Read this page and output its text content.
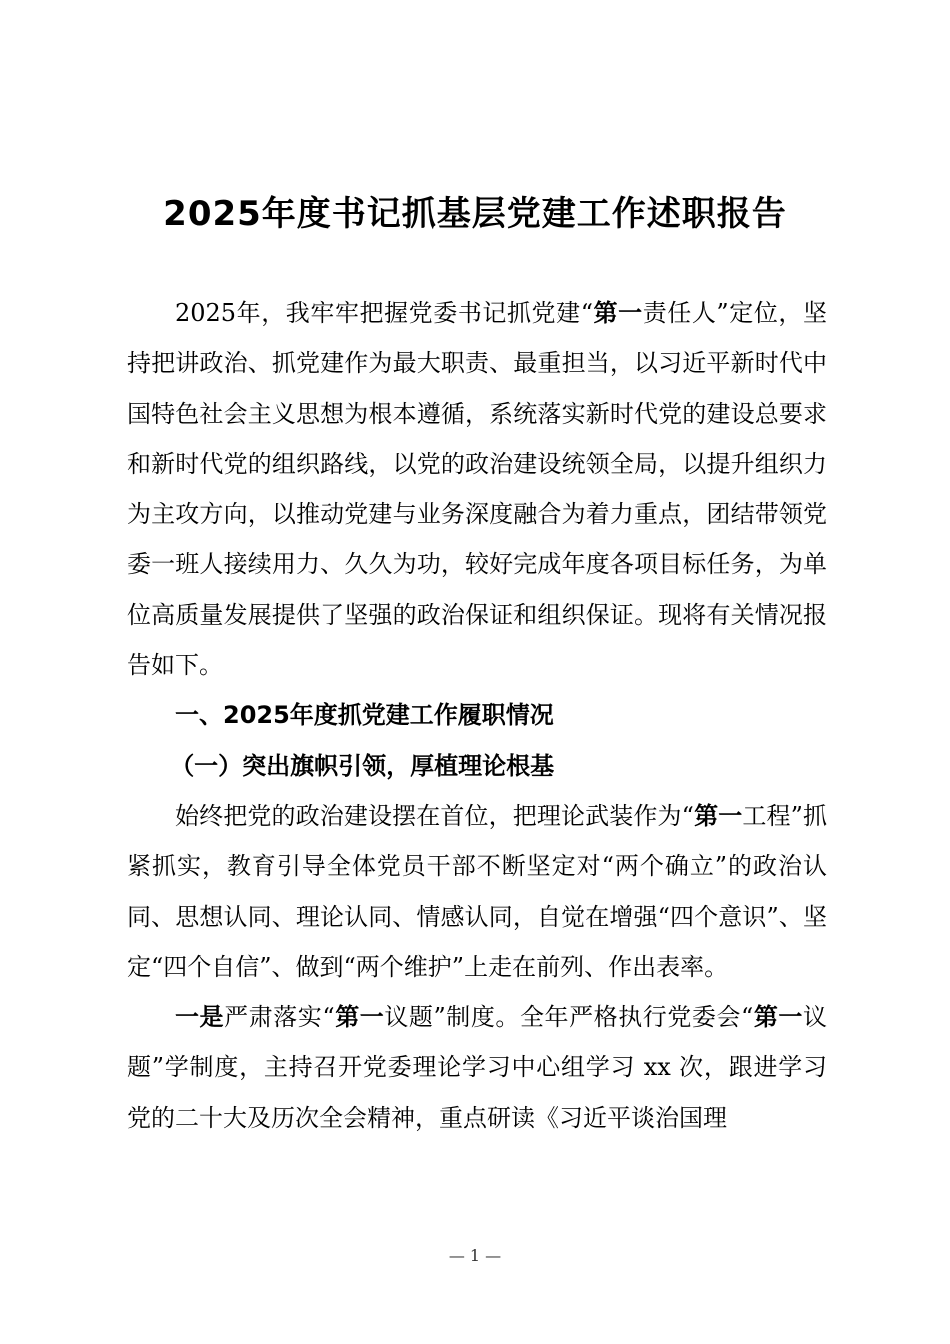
2025年度书记抓基层党建工作述职报告

2025年，我牢牢把握党委书记抓党建“第一责任人”定位，坚持把讲政治、抓党建作为最大职责、最重担当，以习近平新时代中国特色社会主义思想为根本遵循，系统落实新时代党的建设总要求和新时代党的组织路线，以党的政治建设统领全局，以提升组织力为主攻方向，以推动党建与业务深度融合为着力重点，团结带领党委一班人接续用力、久久为功，较好完成年度各项目标任务，为单位高质量发展提供了坚强的政治保证和组织保证。现将有关情况报告如下。

一、2025年度抓党建工作履职情况

（一）突出旗帜引领，厚植理论根基

始终把党的政治建设摆在首位，把理论武装作为“第一工程”抓紧抓实，教育引导全体党员干部不断坚定对“两个确立”的政治认同、思想认同、理论认同、情感认同，自觉在增强“四个意识”、坚定“四个自信”、做到“两个维护”上走在前列、作出表率。

一是严肃落实“第一议题”制度。全年严格执行党委会“第一议题”学制度，主持召开党委理论学习中心组学习 xx 次，跟进学习党的二十大及历次全会精神，重点研读《习近平谈治国理

— 1 —
